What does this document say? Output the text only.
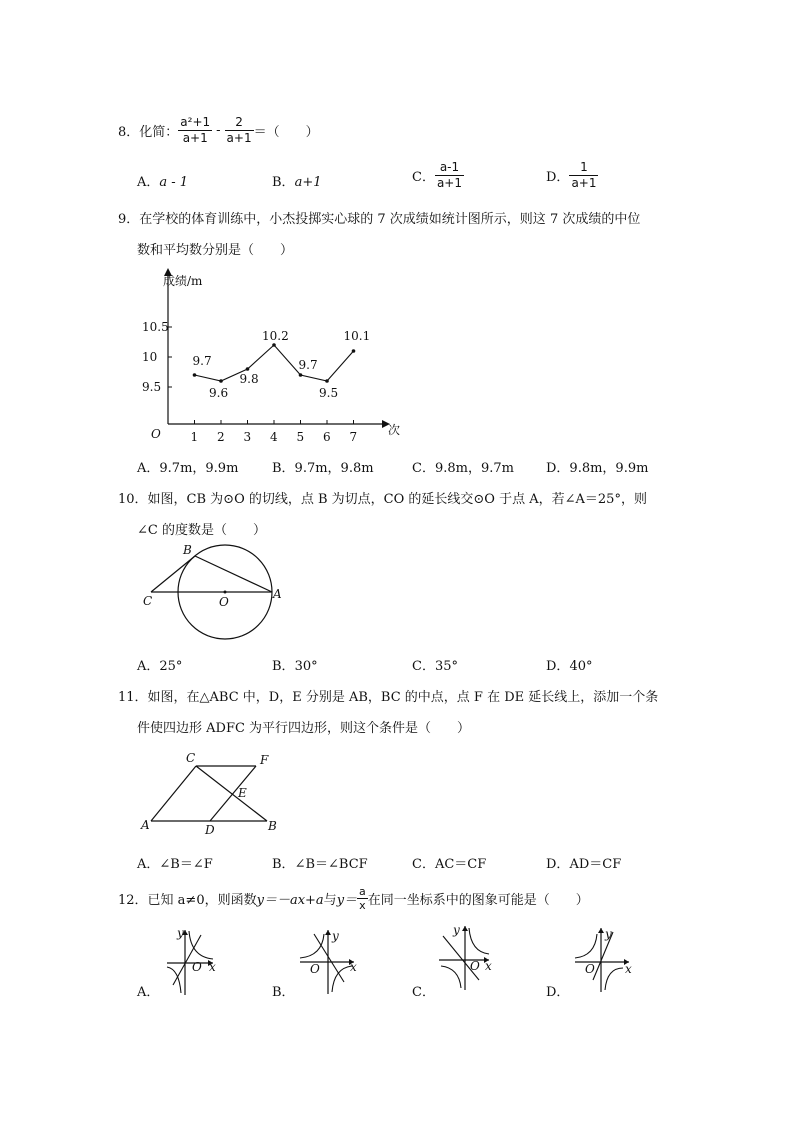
8．化简： $\frac{\text{a²+1}}{a+1} - \frac{2}{a+1}$ ＝（　　）
A．a - 1	B．a+1	C． $\frac{a-1}{a+1}$	D． $\frac{1}{a+1}$
9．在学校的体育训练中，小杰投掷实心球的 7 次成绩如统计图所示，则这 7 次成绩的中位
数和平均数分别是（　　）
成绩/m
次
O
9.5
10
10.5
1 2 3 4 5 6 7
9.7
9.6
9.8
10.2
9.7
9.5
10.1
A．9.7m，9.9m	B．9.7m，9.8m	C．9.8m，9.7m D．9.8m，9.9m
10．如图，CB 为⊙O 的切线，点 B 为切点，CO 的延长线交⊙O 于点 A，若∠A＝25°，则
∠C 的度数是（　　）
B
C	O
A
A．25°	B．30°	C．35°	D．40°
11．如图，在△ABC 中，D，E 分别是 AB，BC 的中点，点 F 在 DE 延长线上，添加一个条
件使四边形 ADFC 为平行四边形，则这个条件是（　　）
C	F
E
A	D	B
A．∠B＝∠F	B．∠B＝∠BCF	C．AC＝CF	D．AD＝CF
12．已知 a≠0，则函数 y＝－ax+a 与 $y= \frac{a}{x}$ 在同一坐标系中的图象可能是（　　）
y
x
O
y
x
O
y
x
O
y
x
O
A．	B．	C．	D．
